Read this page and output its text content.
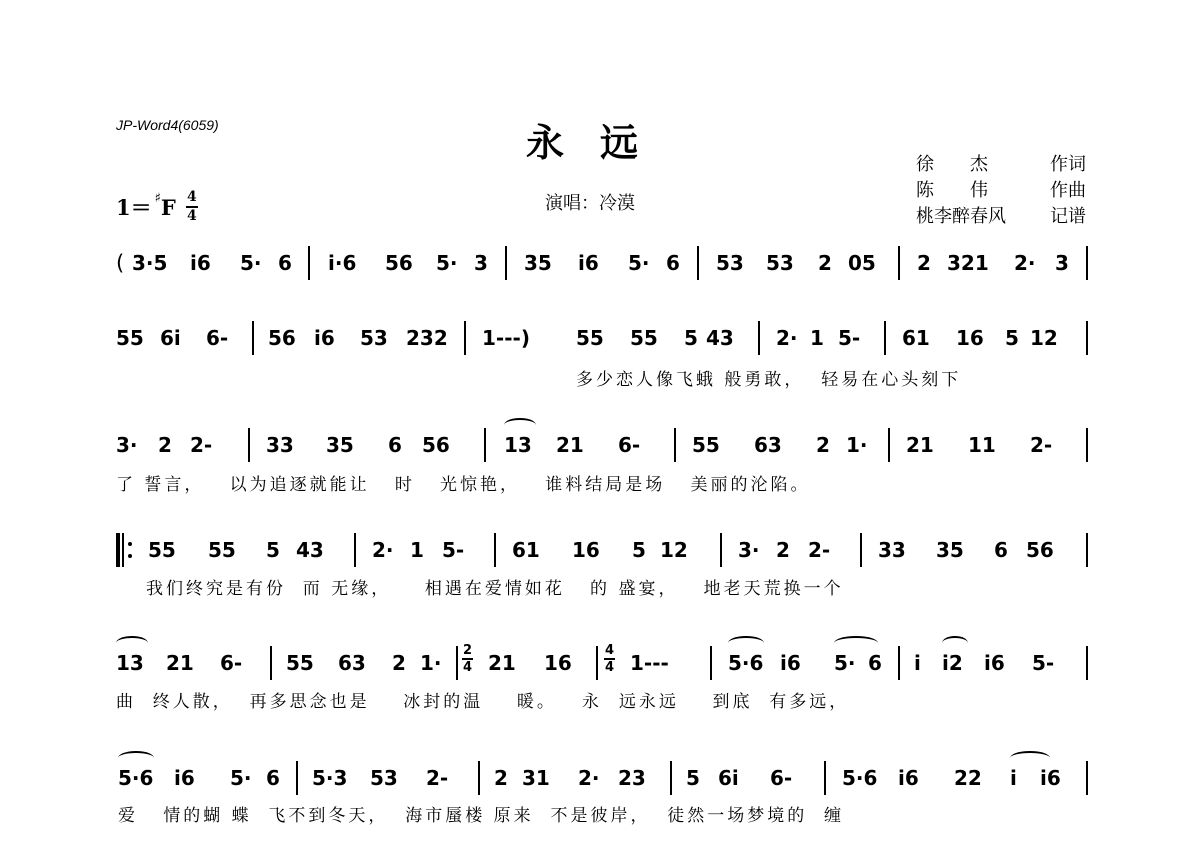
JP-Word4(6059)	永远
演唱：冷漠
徐　　杰	作词
陈　　伟	作曲
桃李醉春风 记谱
1＝ ♯ F $\frac{4}{4}$
( 3·5 i6 5· 6 i·6 56 5· 3 35 i6 5· 6 53 53 2 05 2 321 2· 3
55 6i 6- 56 i6 53 232 1---) 55 55 5 43 2· 1 5- 61 16 5 12
多少恋人像飞蛾 般勇敢，  轻易在心头刻下
3· 2 2-	33 35 6 56	13 21 6-	55 63 2 1· 21 11 2-
了 誓言，   以为追逐就能让   时   光惊艳，   谁料结局是场   美丽的沦陷。
55 55 5 43 2· 1 5- 61 16 5 12	3· 2 2- 33 35 6 56
我们终究是有份  而 无缘，    相遇在爱情如花   的 盛宴，   地老天荒换一个
13 21 6- 55 63 2 1·
2
4 21 16
4
4 1---	5·6 i6 5· 6 i i2 i6 5-
曲  终人散，  再多思念也是    冰封的温    暖。   永  远永远    到底  有多远，
5·6 i6 5· 6 5·3 53 2- 2 31 2· 23 5 6i 6- 5·6 i6 22 i i6
爱   情的蝴 蝶  飞不到冬天，  海市蜃楼 原来  不是彼岸，  徒然一场梦境的  缠
